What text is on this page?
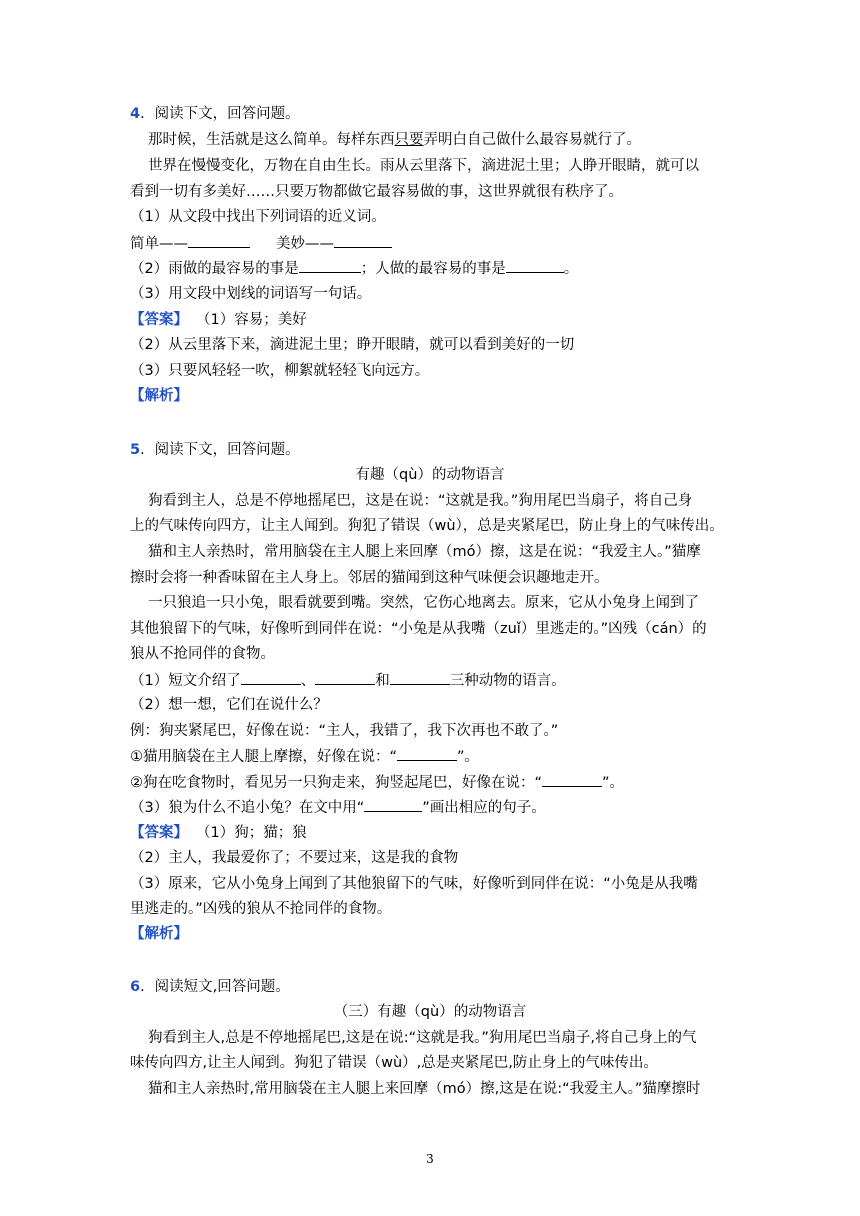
4．阅读下文，回答问题。
那时候，生活就是这么简单。每样东西只要弄明白自己做什么最容易就行了。
世界在慢慢变化，万物在自由生长。雨从云里落下，滴进泥土里；人睁开眼睛，就可以
看到一切有多美好……只要万物都做它最容易做的事，这世界就很有秩序了。
（1）从文段中找出下列词语的近义词。
简单——	美妙——
（2）雨做的最容易的事是	；人做的最容易的事是	。
（3）用文段中划线的词语写一句话。
【答案】 （1）容易；美好
（2）从云里落下来，滴进泥土里；睁开眼睛，就可以看到美好的一切
（3）只要风轻轻一吹，柳絮就轻轻飞向远方。
【解析】
5．阅读下文，回答问题。
有趣（qù）的动物语言
狗看到主人，总是不停地摇尾巴，这是在说：“这就是我。”狗用尾巴当扇子，将自己身
上的气味传向四方，让主人闻到。狗犯了错误（wù），总是夹紧尾巴，防止身上的气味传出。
猫和主人亲热时，常用脑袋在主人腿上来回摩（mó）擦，这是在说：“我爱主人。”猫摩
擦时会将一种香味留在主人身上。邻居的猫闻到这种气味便会识趣地走开。
一只狼追一只小兔，眼看就要到嘴。突然，它伤心地离去。原来，它从小兔身上闻到了
其他狼留下的气味，好像听到同伴在说：“小兔是从我嘴（zuǐ）里逃走的。”凶残（cán）的
狼从不抢同伴的食物。
（1）短文介绍了	、	和	三种动物的语言。
（2）想一想，它们在说什么？
例：狗夹紧尾巴，好像在说：“主人，我错了，我下次再也不敢了。”
①猫用脑袋在主人腿上摩擦，好像在说：“	”。
②狗在吃食物时，看见另一只狗走来，狗竖起尾巴，好像在说：“	”。
（3）狼为什么不追小兔？在文中用“	”画出相应的句子。
【答案】 （1）狗；猫；狼
（2）主人，我最爱你了；不要过来，这是我的食物
（3）原来，它从小兔身上闻到了其他狼留下的气味，好像听到同伴在说：“小兔是从我嘴
里逃走的。”凶残的狼从不抢同伴的食物。
【解析】
6．阅读短文,回答问题。
（三）有趣（qù）的动物语言
狗看到主人,总是不停地摇尾巴,这是在说:“这就是我。”狗用尾巴当扇子,将自己身上的气
味传向四方,让主人闻到。狗犯了错误（wù）,总是夹紧尾巴,防止身上的气味传出。
猫和主人亲热时,常用脑袋在主人腿上来回摩（mó）擦,这是在说:“我爱主人。”猫摩擦时
3
